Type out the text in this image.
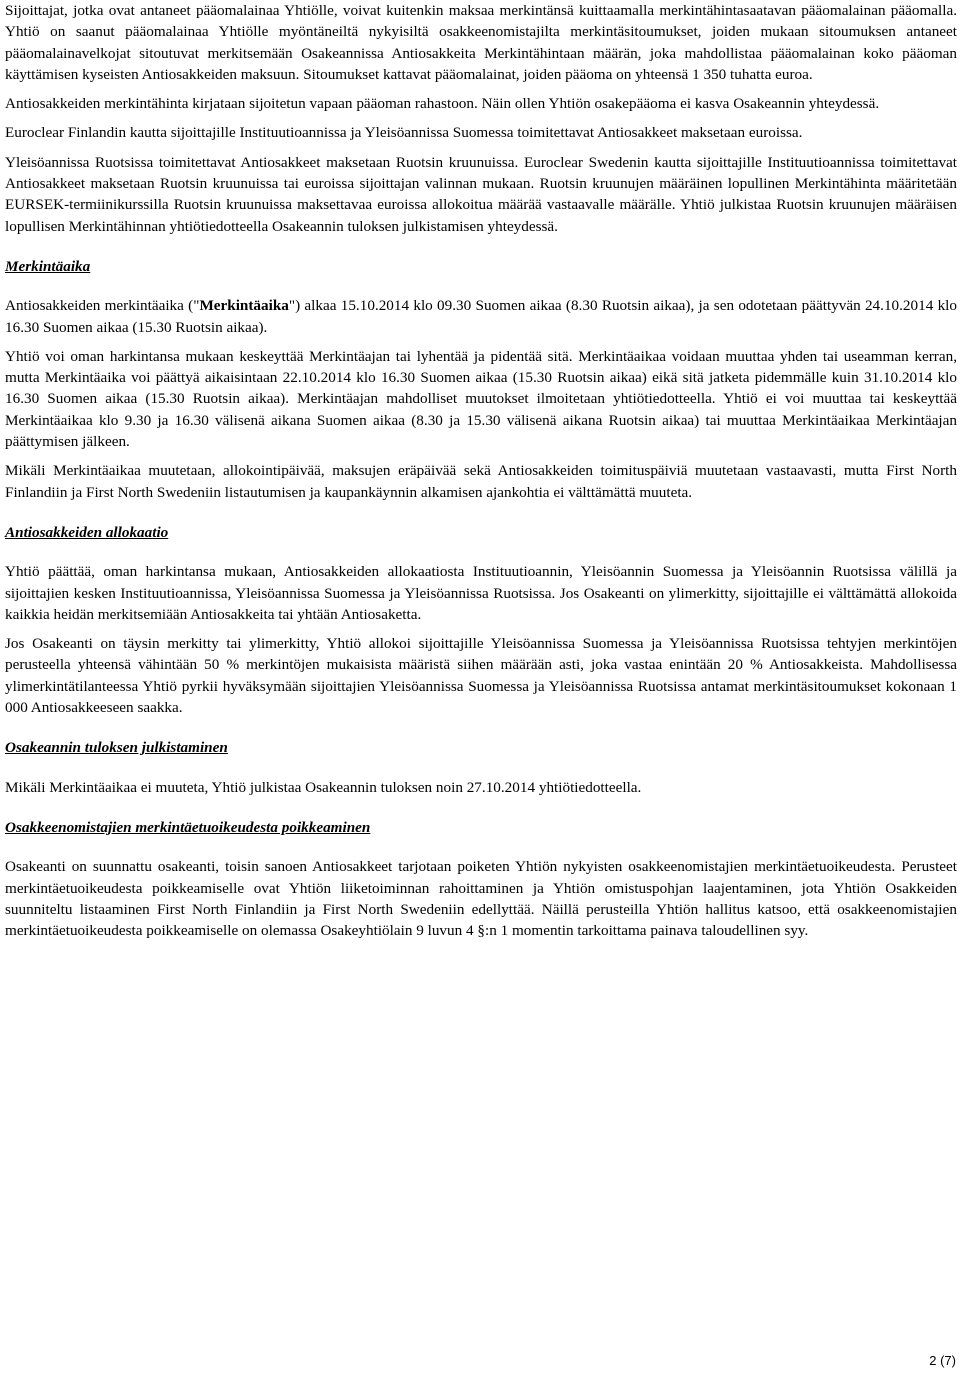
Sijoittajat, jotka ovat antaneet pääomalainaa Yhtiölle, voivat kuitenkin maksaa merkintänsä kuittaamalla merkintähintasaatavan pääomalainan pääomalla. Yhtiö on saanut pääomalainaa Yhtiölle myöntäneiltä nykyisiltä osakkeenomistajilta merkintäsitoumukset, joiden mukaan sitoumuksen antaneet pääomalainavelkojat sitoutuvat merkitsemään Osakeannissa Antiosakkeita Merkintähintaan määrän, joka mahdollistaa pääomalainan koko pääoman käyttämisen kyseisten Antiosakkeiden maksuun. Sitoumukset kattavat pääomalainat, joiden pääoma on yhteensä 1 350 tuhatta euroa.

Antiosakkeiden merkintähinta kirjataan sijoitetun vapaan pääoman rahastoon. Näin ollen Yhtiön osakepääoma ei kasva Osakeannin yhteydessä.

Euroclear Finlandin kautta sijoittajille Instituutioannissa ja Yleisöannissa Suomessa toimitettavat Antiosakkeet maksetaan euroissa.

Yleisöannissa Ruotsissa toimitettavat Antiosakkeet maksetaan Ruotsin kruunuissa. Euroclear Swedenin kautta sijoittajille Instituutioannissa toimitettavat Antiosakkeet maksetaan Ruotsin kruunuissa tai euroissa sijoittajan valinnan mukaan. Ruotsin kruunujen määräinen lopullinen Merkintähinta määritetään EURSEK-termiinikurssilla Ruotsin kruunuissa maksettavaa euroissa allokoitua määrää vastaavalle määrälle. Yhtiö julkistaa Ruotsin kruunujen määräisen lopullisen Merkintähinnan yhtiötiedotteella Osakeannin tuloksen julkistamisen yhteydessä.

Merkintäaika

Antiosakkeiden merkintäaika ("Merkintäaika") alkaa 15.10.2014 klo 09.30 Suomen aikaa (8.30 Ruotsin aikaa), ja sen odotetaan päättyvän 24.10.2014 klo 16.30 Suomen aikaa (15.30 Ruotsin aikaa).

Yhtiö voi oman harkintansa mukaan keskeyttää Merkintäajan tai lyhentää ja pidentää sitä. Merkintäaikaa voidaan muuttaa yhden tai useamman kerran, mutta Merkintäaika voi päättyä aikaisintaan 22.10.2014 klo 16.30 Suomen aikaa (15.30 Ruotsin aikaa) eikä sitä jatketa pidemmälle kuin 31.10.2014 klo 16.30 Suomen aikaa (15.30 Ruotsin aikaa). Merkintäajan mahdolliset muutokset ilmoitetaan yhtiötiedotteella. Yhtiö ei voi muuttaa tai keskeyttää Merkintäaikaa klo 9.30 ja 16.30 välisenä aikana Suomen aikaa (8.30 ja 15.30 välisenä aikana Ruotsin aikaa) tai muuttaa Merkintäaikaa Merkintäajan päättymisen jälkeen.

Mikäli Merkintäaikaa muutetaan, allokointipäivää, maksujen eräpäivää sekä Antiosakkeiden toimituspäiviä muutetaan vastaavasti, mutta First North Finlandiin ja First North Swedeniin listautumisen ja kaupankäynnin alkamisen ajankohtia ei välttämättä muuteta.

Antiosakkeiden allokaatio

Yhtiö päättää, oman harkintansa mukaan, Antiosakkeiden allokaatiosta Instituutioannin, Yleisöannin Suomessa ja Yleisöannin Ruotsissa välillä ja sijoittajien kesken Instituutioannissa, Yleisöannissa Suomessa ja Yleisöannissa Ruotsissa. Jos Osakeanti on ylimerkitty, sijoittajille ei välttämättä allokoida kaikkia heidän merkitsemiään Antiosakkeita tai yhtään Antiosaketta.

Jos Osakeanti on täysin merkitty tai ylimerkitty, Yhtiö allokoi sijoittajille Yleisöannissa Suomessa ja Yleisöannissa Ruotsissa tehtyjen merkintöjen perusteella yhteensä vähintään 50 % merkintöjen mukaisista määristä siihen määrään asti, joka vastaa enintään 20 % Antiosakkeista. Mahdollisessa ylimerkintätilanteessa Yhtiö pyrkii hyväksymään sijoittajien Yleisöannissa Suomessa ja Yleisöannissa Ruotsissa antamat merkintäsitoumukset kokonaan 1 000 Antiosakkeeseen saakka.

Osakeannin tuloksen julkistaminen

Mikäli Merkintäaikaa ei muuteta, Yhtiö julkistaa Osakeannin tuloksen noin 27.10.2014 yhtiötiedotteella.

Osakkeenomistajien merkintäetuoikeudesta poikkeaminen

Osakeanti on suunnattu osakeanti, toisin sanoen Antiosakkeet tarjotaan poiketen Yhtiön nykyisten osakkeenomistajien merkintäetuoikeudesta. Perusteet merkintäetuoikeudesta poikkeamiselle ovat Yhtiön liiketoiminnan rahoittaminen ja Yhtiön omistuspohjan laajentaminen, jota Yhtiön Osakkeiden suunniteltu listaaminen First North Finlandiin ja First North Swedeniin edellyttää. Näillä perusteilla Yhtiön hallitus katsoo, että osakkeenomistajien merkintäetuoikeudesta poikkeamiselle on olemassa Osakeyhtiölain 9 luvun 4 §:n 1 momentin tarkoittama painava taloudellinen syy.

2 (7)
